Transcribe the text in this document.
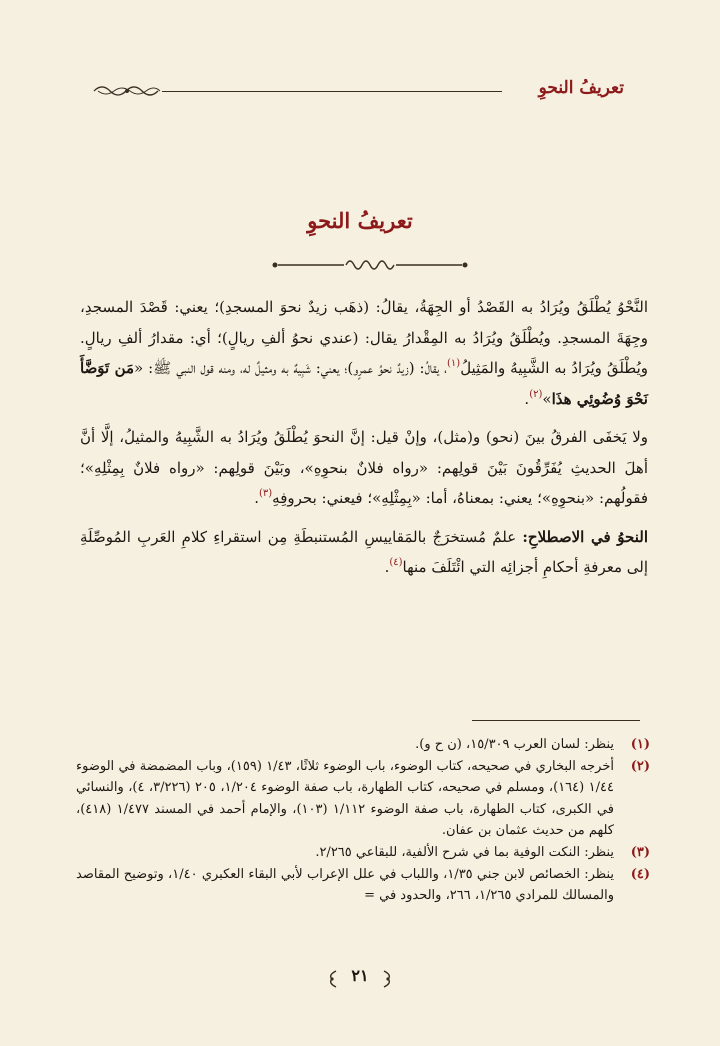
تعريفُ النحوِ
تعريفُ النحوِ

النَّحْوُ يُطْلَقُ ويُرَادُ به القَصْدُ أو الجِهَةُ، يقالُ: (ذهَب زيدٌ نحوَ المسجدِ)؛ يعني: قَصْدَ المسجدِ، وجِهَةَ المسجدِ. ويُطْلَقُ ويُرَادُ به المِقْدارُ يقال: (عندي نحوُ ألفِ ريالٍ)؛ أي: مقدارُ ألفِ ريالٍ. ويُطْلَقُ ويُرَادُ به الشَّبِيهُ والمَثِيلُ$^{(١)}$، يقالُ: (زيدٌ نحوُ عمرٍو)؛ يعني: شَبِيهٌ به ومثيلٌ له، ومنه قول النبي ﷺ: «مَن تَوَضَّأَ نَحْوَ وُضُوئِي هذَا»$^{(٢)}$.

ولا يَخفَى الفرقُ بينَ (نحو) و(مثل)، وإنْ قيل: إنَّ النحوَ يُطْلَقُ ويُرَادُ به الشَّبِيهُ والمثيلُ، إلَّا أنَّ أهلَ الحديثِ يُفَرِّقُونَ بَيْنَ قولِهم: «رواه فلانٌ بنحوِهِ»، وبَيْنَ قولِهم: «رواه فلانٌ بِمِثْلِهِ»؛ فقولُهم: «بنحوِهِ»؛ يعني: بمعناهُ، أما: «بِمِثْلِهِ»؛ فيعني: بحروفِهِ$^{(٣)}$.

النحوُ في الاصطلاحِ: علمٌ مُستخرَجٌ بالمَقاييسِ المُستنبطَةِ مِن استقراءِ كلامِ العَربِ المُوصِّلَةِ إلى معرفةِ أحكامِ أجزائِه التي ائْتَلَفَ منها$^{(٤)}$.

(١)
ينظر: لسان العرب ١٥/٣٠٩، (ن ح و).
(٢)
أخرجه البخاري في صحيحه، كتاب الوضوء، باب الوضوء ثلاثًا، ١/٤٣ (١٥٩)، وباب المضمضة في الوضوء ١/٤٤ (١٦٤)، ومسلم في صحيحه، كتاب الطهارة، باب صفة الوضوء ١/٢٠٤، ٢٠٥ (٣/٢٢٦، ٤)، والنسائي في الكبرى، كتاب الطهارة، باب صفة الوضوء ١/١١٢ (١٠٣)، والإمام أحمد في المسند ١/٤٧٧ (٤١٨)، كلهم من حديث عثمان بن عفان.
(٣)
ينظر: النكت الوفية بما في شرح الألفية، للبقاعي ٢/٢٦٥.
(٤)
ينظر: الخصائص لابن جني ١/٣٥، واللباب في علل الإعراب لأبي البقاء العكبري ١/٤٠، وتوضيح المقاصد والمسالك للمرادي ١/٢٦٥، ٢٦٦، والحدود في =
٢١
